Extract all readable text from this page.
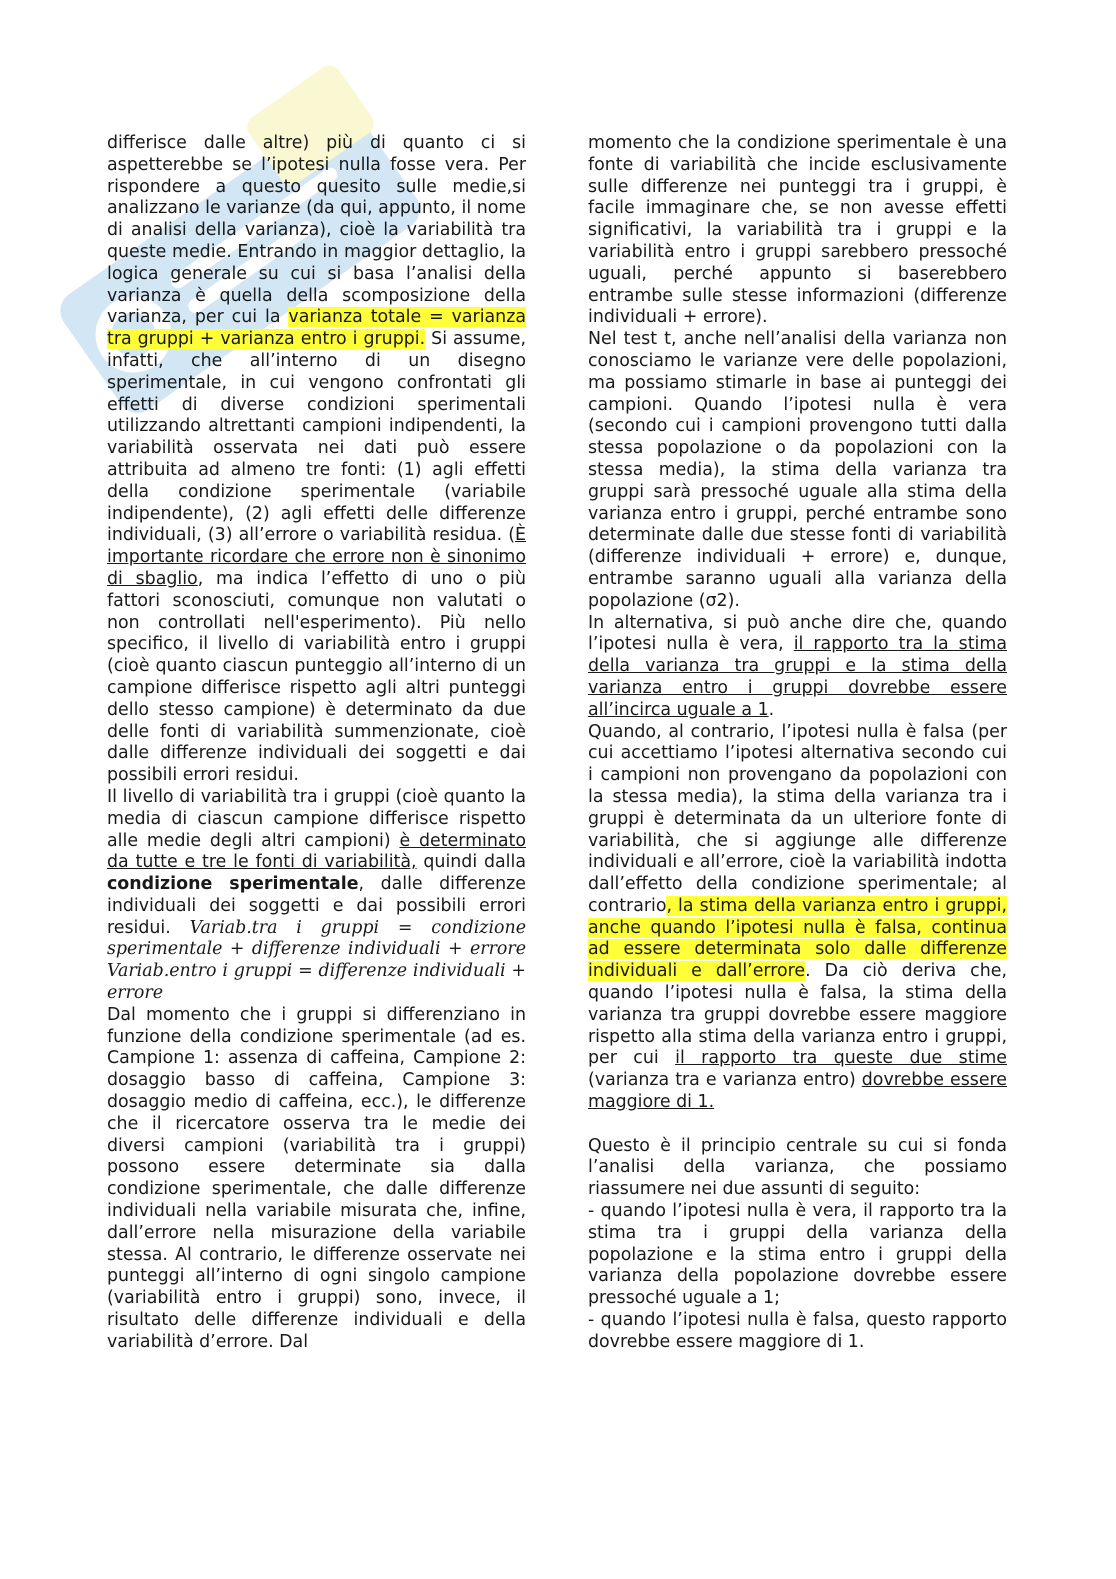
differisce dalle altre) più di quanto ci si aspetterebbe se l’ipotesi nulla fosse vera. Per rispondere a questo quesito sulle medie,si analizzano le varianze (da qui, appunto, il nome di analisi della varianza), cioè la variabilità tra queste medie. Entrando in maggior dettaglio, la logica generale su cui si basa l’analisi della varianza è quella della scomposizione della varianza, per cui la varianza totale = varianza tra gruppi + varianza entro i gruppi. Si assume, infatti, che all’interno di un disegno sperimentale, in cui vengono confrontati gli effetti di diverse condizioni sperimentali utilizzando altrettanti campioni indipendenti, la variabilità osservata nei dati può essere attribuita ad almeno tre fonti: (1) agli effetti della condizione sperimentale (variabile indipendente), (2) agli effetti delle differenze individuali, (3) all’errore o variabilità residua. (È importante ricordare che errore non è sinonimo di sbaglio, ma indica l’effetto di uno o più fattori sconosciuti, comunque non valutati o non controllati nell'esperimento). Più nello specifico, il livello di variabilità entro i gruppi (cioè quanto ciascun punteggio all’interno di un campione differisce rispetto agli altri punteggi dello stesso campione) è determinato da due delle fonti di variabilità summenzionate, cioè dalle differenze individuali dei soggetti e dai possibili errori residui.

Il livello di variabilità tra i gruppi (cioè quanto la media di ciascun campione differisce rispetto alle medie degli altri campioni) è determinato da tutte e tre le fonti di variabilità, quindi dalla condizione sperimentale, dalle differenze individuali dei soggetti e dai possibili errori residui. Variab.tra i gruppi = condizione sperimentale + differenze individuali + errore Variab.entro i gruppi = differenze individuali + errore

Dal momento che i gruppi si differenziano in funzione della condizione sperimentale (ad es. Campione 1: assenza di caffeina, Campione 2: dosaggio basso di caffeina, Campione 3: dosaggio medio di caffeina, ecc.), le differenze che il ricercatore osserva tra le medie dei diversi campioni (variabilità tra i gruppi) possono essere determinate sia dalla condizione sperimentale, che dalle differenze individuali nella variabile misurata che, infine, dall’errore nella misurazione della variabile stessa. Al contrario, le differenze osservate nei punteggi all’interno di ogni singolo campione (variabilità entro i gruppi) sono, invece, il risultato delle differenze individuali e della variabilità d’errore. Dal

momento che la condizione sperimentale è una fonte di variabilità che incide esclusivamente sulle differenze nei punteggi tra i gruppi, è facile immaginare che, se non avesse effetti significativi, la variabilità tra i gruppi e la variabilità entro i gruppi sarebbero pressoché uguali, perché appunto si baserebbero entrambe sulle stesse informazioni (differenze individuali + errore).

Nel test t, anche nell’analisi della varianza non conosciamo le varianze vere delle popolazioni, ma possiamo stimarle in base ai punteggi dei campioni. Quando l’ipotesi nulla è vera (secondo cui i campioni provengono tutti dalla stessa popolazione o da popolazioni con la stessa media), la stima della varianza tra gruppi sarà pressoché uguale alla stima della varianza entro i gruppi, perché entrambe sono determinate dalle due stesse fonti di variabilità (differenze individuali + errore) e, dunque, entrambe saranno uguali alla varianza della popolazione (σ2).

In alternativa, si può anche dire che, quando l’ipotesi nulla è vera, il rapporto tra la stima della varianza tra gruppi e la stima della varianza entro i gruppi dovrebbe essere all’incirca uguale a 1.

Quando, al contrario, l’ipotesi nulla è falsa (per cui accettiamo l’ipotesi alternativa secondo cui i campioni non provengano da popolazioni con la stessa media), la stima della varianza tra i gruppi è determinata da un ulteriore fonte di variabilità, che si aggiunge alle differenze individuali e all’errore, cioè la variabilità indotta dall’effetto della condizione sperimentale; al contrario, la stima della varianza entro i gruppi, anche quando l’ipotesi nulla è falsa, continua ad essere determinata solo dalle differenze individuali e dall’errore. Da ciò deriva che, quando l’ipotesi nulla è falsa, la stima della varianza tra gruppi dovrebbe essere maggiore rispetto alla stima della varianza entro i gruppi, per cui il rapporto tra queste due stime (varianza tra e varianza entro) dovrebbe essere maggiore di 1.

Questo è il principio centrale su cui si fonda l’analisi della varianza, che possiamo riassumere nei due assunti di seguito:

- quando l’ipotesi nulla è vera, il rapporto tra la stima tra i gruppi della varianza della popolazione e la stima entro i gruppi della varianza della popolazione dovrebbe essere pressoché uguale a 1;

- quando l’ipotesi nulla è falsa, questo rapporto dovrebbe essere maggiore di 1.
